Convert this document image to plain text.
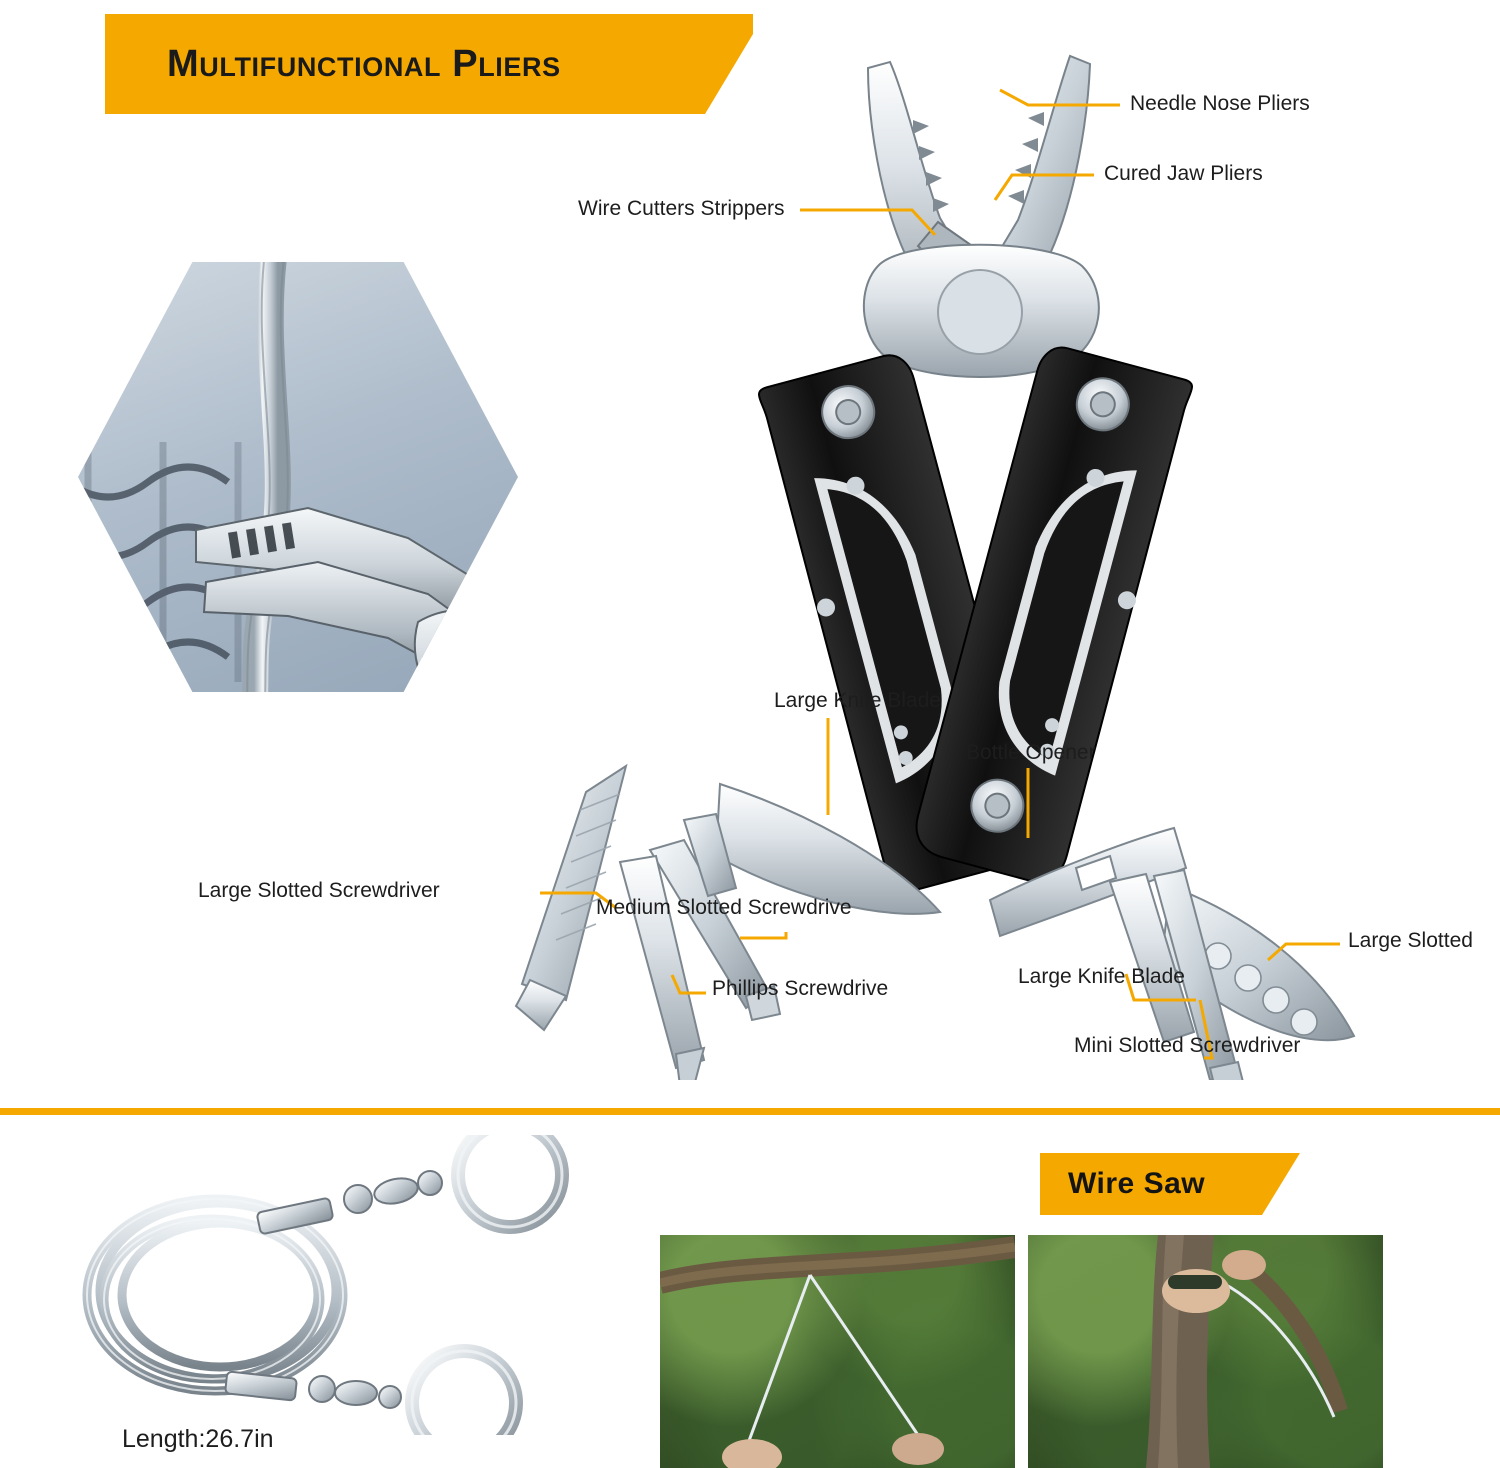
Multifunctional Pliers
Needle Nose Pliers
Cured Jaw Pliers
Wire Cutters Strippers
Large Knife Blade
Bottle Opener
Large Slotted Screwdriver
Medium Slotted Screwdrive
Phillips Screwdrive
Large Knife Blade
Mini Slotted Screwdriver
Large Slotted
Wire Saw
Length:26.7in
